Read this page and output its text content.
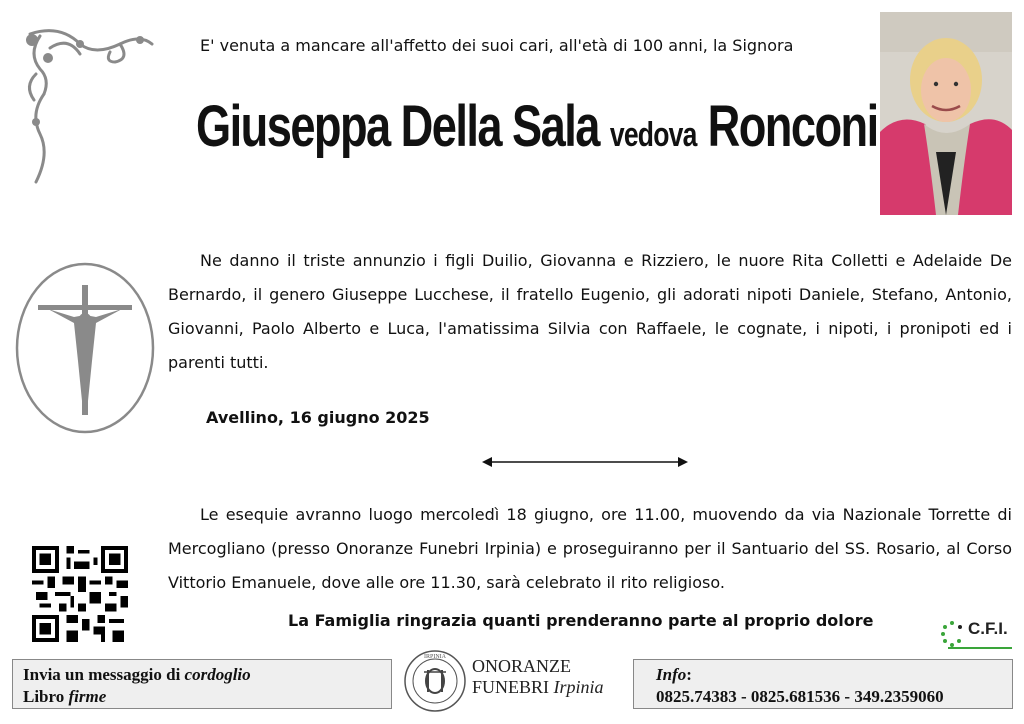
E' venuta a mancare all'affetto dei suoi cari, all'età di 100 anni, la Signora
Giuseppa Della Sala vedova Ronconi

Ne danno il triste annunzio i figli Duilio, Giovanna e Rizziero, le nuore Rita Colletti e Adelaide De Bernardo, il genero Giuseppe Lucchese, il fratello Eugenio, gli adorati nipoti Daniele, Stefano, Antonio, Giovanni, Paolo Alberto e Luca, l'amatissima Silvia con Raffaele, le cognate, i nipoti, i pronipoti ed i parenti tutti.

Avellino, 16 giugno 2025

Le esequie avranno luogo mercoledì 18 giugno, ore 11.00, muovendo da via Nazionale Torrette di Mercogliano (presso Onoranze Funebri Irpinia) e proseguiranno per il Santuario del SS. Rosario, al Corso Vittorio Emanuele, dove alle ore 11.30, sarà celebrato il rito religioso.

La Famiglia ringrazia quanti prenderanno parte al proprio dolore	C.F.I.
Invia un messaggio di cordoglio
Libro firme
IRPINIA ONORANZE
FUNEBRI Irpinia
Info:
0825.74383 - 0825.681536 - 349.2359060
